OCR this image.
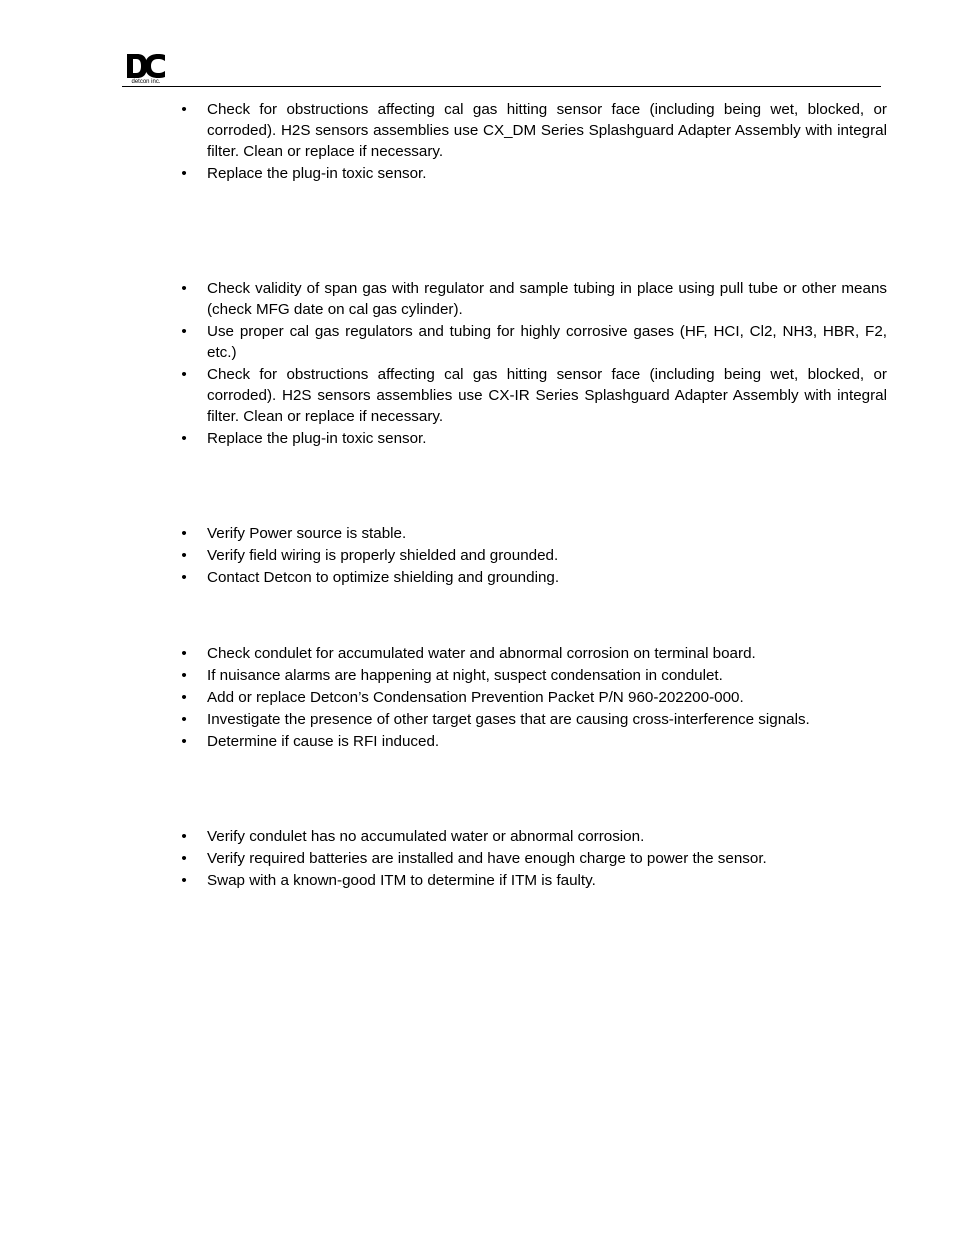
detcon inc.
• Check for obstructions affecting cal gas hitting sensor face (including being wet, blocked, or corroded). H2S sensors assemblies use CX_DM Series Splashguard Adapter Assembly with integral filter. Clean or replace if necessary.
• Replace the plug-in toxic sensor.
• Check validity of span gas with regulator and sample tubing in place using pull tube or other means (check MFG date on cal gas cylinder).
• Use proper cal gas regulators and tubing for highly corrosive gases (HF, HCI, Cl2, NH3, HBR, F2, etc.)
• Check for obstructions affecting cal gas hitting sensor face (including being wet, blocked, or corroded). H2S sensors assemblies use CX-IR Series Splashguard Adapter Assembly with integral filter. Clean or replace if necessary.
• Replace the plug-in toxic sensor.
• Verify Power source is stable.
• Verify field wiring is properly shielded and grounded.
• Contact Detcon to optimize shielding and grounding.
• Check condulet for accumulated water and abnormal corrosion on terminal board.
• If nuisance alarms are happening at night, suspect condensation in condulet.
• Add or replace Detcon’s Condensation Prevention Packet P/N 960-202200-000.
• Investigate the presence of other target gases that are causing cross-interference signals.
• Determine if cause is RFI induced.
• Verify condulet has no accumulated water or abnormal corrosion.
• Verify required batteries are installed and have enough charge to power the sensor.
• Swap with a known-good ITM to determine if ITM is faulty.
